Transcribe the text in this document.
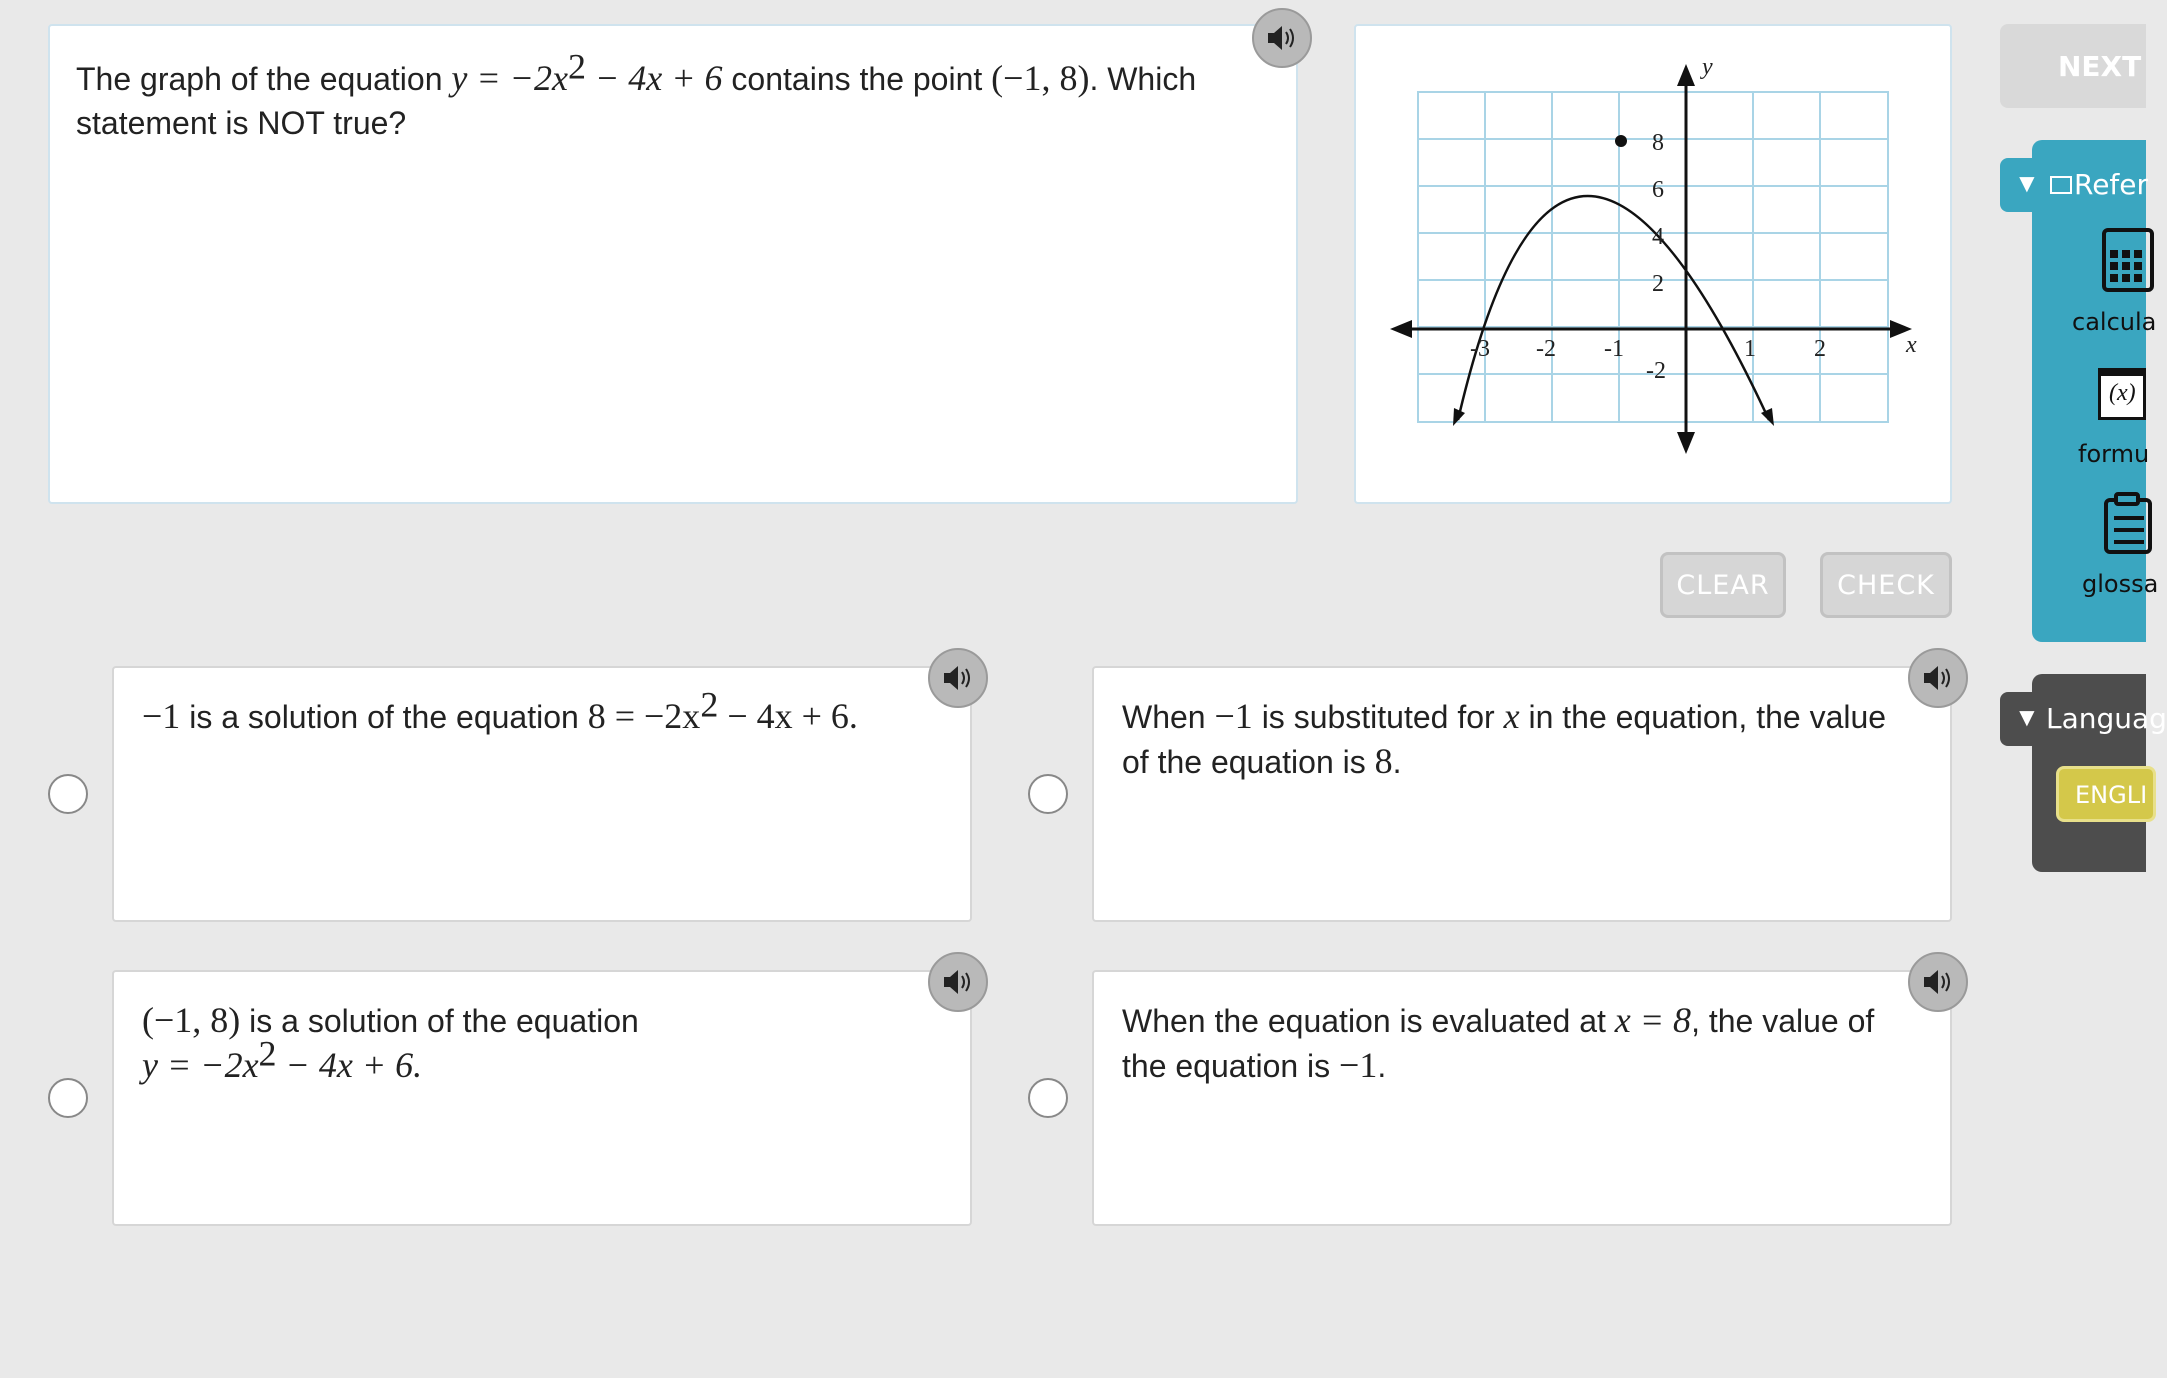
The graph of the equation $y = -2x^2 - 4x + 6$ contains the point (−1, 8). Which
statement is NOT true?
y
x
-3 -2 -1	1 2
8
6
4
2
-2
CLEAR	CHECK
NEXT
calcula
(x)
formu
glossa
▼ Refer
ENGLI
▼ Languag
−1 is a solution of the equation $8 = -2x^2 - 4x + 6$.	When −1 is substituted for x in the equation, the value
of the equation is 8.
(−1, 8) is a solution of the equation
$y = -2x^2 - 4x + 6$.
When the equation is evaluated at x = 8, the value of
the equation is −1.
